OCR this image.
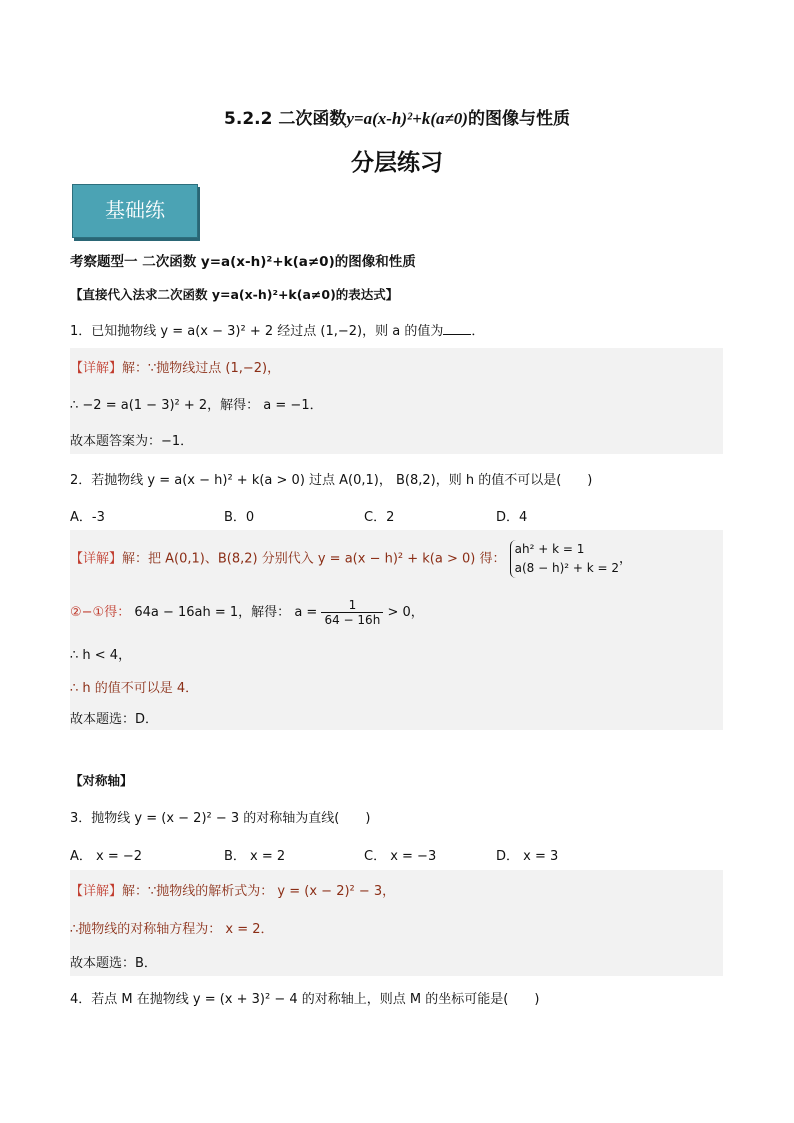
5.2.2 二次函数y=a(x-h)²+k(a≠0)的图像与性质
分层练习
基础练
考察题型一 二次函数 y=a(x-h)²+k(a≠0)的图像和性质
【直接代入法求二次函数 y=a(x-h)²+k(a≠0)的表达式】
1．已知抛物线 y = a(x − 3)² + 2 经过点 (1,−2)，则 a 的值为 ．
【详解】解：∵抛物线过点 (1,−2)，
∴ −2 = a(1 − 3)² + 2，解得： a = −1．
故本题答案为：−1．
2．若抛物线 y = a(x − h)² + k(a > 0) 过点 A(0,1)， B(8,2)，则 h 的值不可以是(　　)
A．-3	B．0	C．2	D．4
【详解】解：把 A(0,1)、B(8,2) 分别代入 y = a(x − h)² + k(a > 0) 得：
ah² + k = 1
a(8 − h)² + k = 2
，
②−①得： 64a − 16ah = 1，解得： $a = \frac{1}{64 - 16h} > 0$，
∴ h < 4，
∴ h 的值不可以是 4．
故本题选：D．
【对称轴】
3．抛物线 y = (x − 2)² − 3 的对称轴为直线(　　)
A． x = −2	B． x = 2	C． x = −3	D． x = 3
【详解】解：∵抛物线的解析式为： y = (x − 2)² − 3，
∴抛物线的对称轴方程为： x = 2．
故本题选：B．
4．若点 M 在抛物线 y = (x + 3)² − 4 的对称轴上，则点 M 的坐标可能是(　　)
